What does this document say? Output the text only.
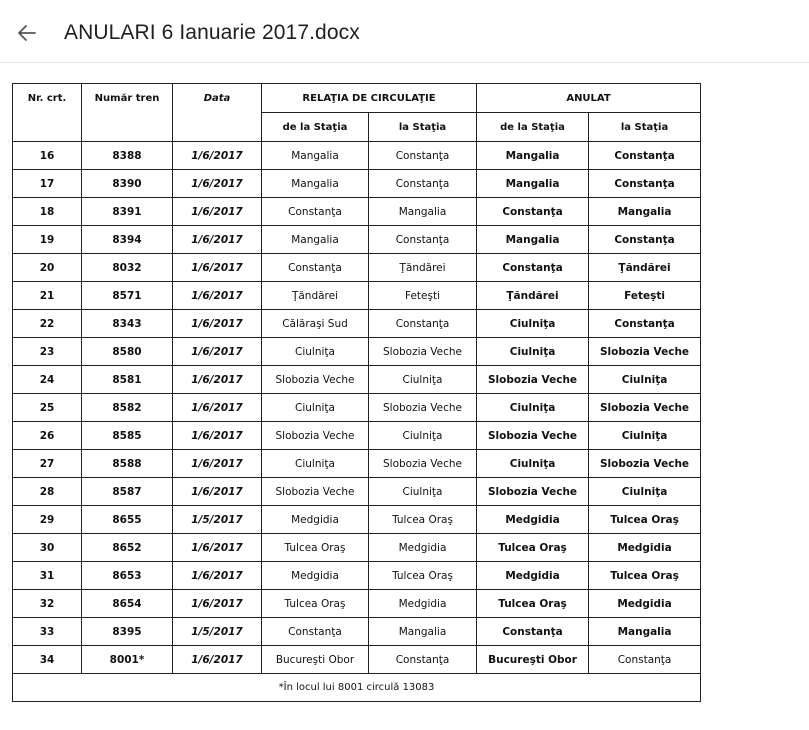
ANULARI 6 Ianuarie 2017.docx
Nr. crt.	Număr tren	Data	RELAŢIA DE CIRCULAŢIE		ANULAT	
			de la Staţia	la Staţia	de la Staţia	la Staţia
16	8388	1/6/2017	Mangalia	Constanţa	Mangalia	Constanţa
17	8390	1/6/2017	Mangalia	Constanţa	Mangalia	Constanţa
18	8391	1/6/2017	Constanţa	Mangalia	Constanţa	Mangalia
19	8394	1/6/2017	Mangalia	Constanţa	Mangalia	Constanţa
20	8032	1/6/2017	Constanţa	Ţăndărei	Constanţa	Ţăndărei
21	8571	1/6/2017	Ţăndărei	Feteşti	Ţăndărei	Feteşti
22	8343	1/6/2017	Călăraşi Sud	Constanţa	Ciulniţa	Constanţa
23	8580	1/6/2017	Ciulniţa	Slobozia Veche	Ciulniţa	Slobozia Veche
24	8581	1/6/2017	Slobozia Veche	Ciulniţa	Slobozia Veche	Ciulniţa
25	8582	1/6/2017	Ciulniţa	Slobozia Veche	Ciulniţa	Slobozia Veche
26	8585	1/6/2017	Slobozia Veche	Ciulniţa	Slobozia Veche	Ciulniţa
27	8588	1/6/2017	Ciulniţa	Slobozia Veche	Ciulniţa	Slobozia Veche
28	8587	1/6/2017	Slobozia Veche	Ciulniţa	Slobozia Veche	Ciulniţa
29	8655	1/5/2017	Medgidia	Tulcea Oraş	Medgidia	Tulcea Oraş
30	8652	1/6/2017	Tulcea Oraş	Medgidia	Tulcea Oraş	Medgidia
31	8653	1/6/2017	Medgidia	Tulcea Oraş	Medgidia	Tulcea Oraş
32	8654	1/6/2017	Tulcea Oraş	Medgidia	Tulcea Oraş	Medgidia
33	8395	1/5/2017	Constanţa	Mangalia	Constanţa	Mangalia
34	8001*	1/6/2017	Bucureşti Obor	Constanţa	Bucureşti Obor	Constanţa
*În locul lui 8001 circulă 13083						
